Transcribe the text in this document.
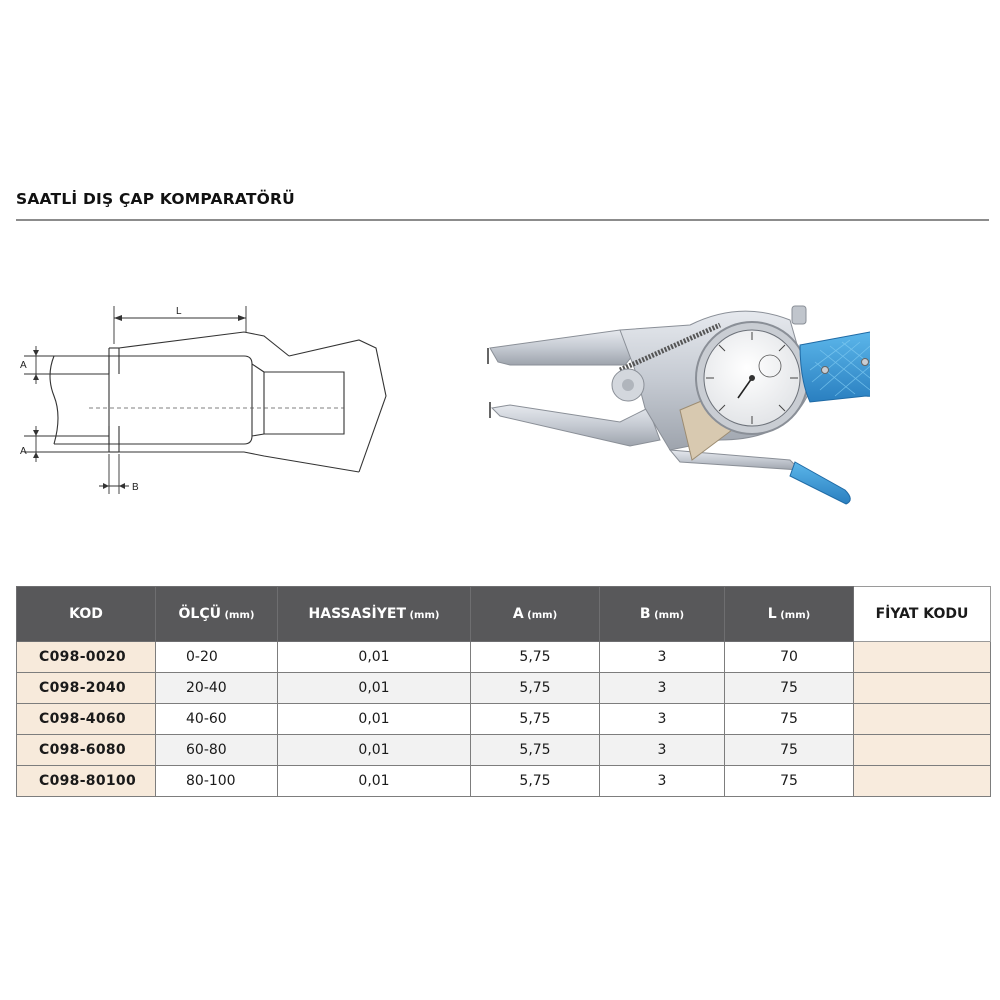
SAATLİ DIŞ ÇAP KOMPARATÖRÜ
L
A
A
B
KOD	ÖLÇÜ (mm)	HASSASİYET (mm)	A (mm)	B (mm)	L (mm)	FİYAT KODU
C098-0020	0-20	0,01	5,75	3	70	
C098-2040	20-40	0,01	5,75	3	75	
C098-4060	40-60	0,01	5,75	3	75	
C098-6080	60-80	0,01	5,75	3	75	
C098-80100	80-100	0,01	5,75	3	75	
